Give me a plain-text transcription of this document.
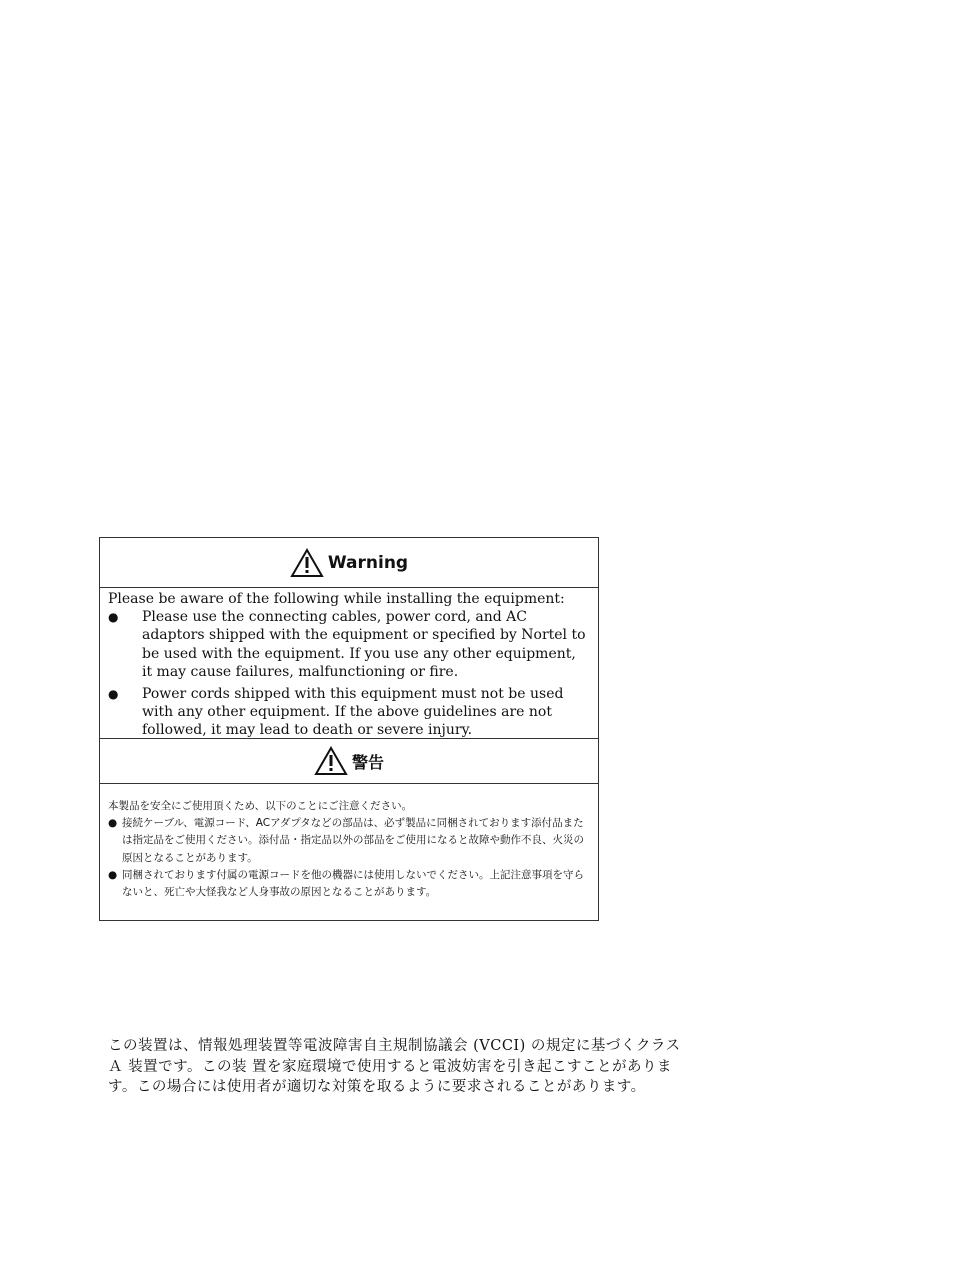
Warning

Please be aware of the following while installing the equipment:

●	Please use the connecting cables, power cord, and AC adaptors shipped with the equipment or specified by Nortel to be used with the equipment. If you use any other equipment, it may cause failures, malfunctioning or fire.
●	Power cords shipped with this equipment must not be used with any other equipment. If the above guidelines are not followed, it may lead to death or severe injury.
警告

本製品を安全にご使用頂くため、以下のことにご注意ください。

● 接続ケーブル、電源コード、ACアダプタなどの部品は、必ず製品に同梱されております添付品または指定品をご使用ください。添付品・指定品以外の部品をご使用になると故障や動作不良、火災の原因となることがあります。
● 同梱されております付属の電源コードを他の機器には使用しないでください。上記注意事項を守らないと、死亡や大怪我など人身事故の原因となることがあります。
この装置は、情報処理装置等電波障害自主規制協議会 (VCCI) の規定に基づくクラスＡ 装置です。この装 置を家庭環境で使用すると電波妨害を引き起こすことがあります。この場合には使用者が適切な対策を取るように要求されることがあります。
